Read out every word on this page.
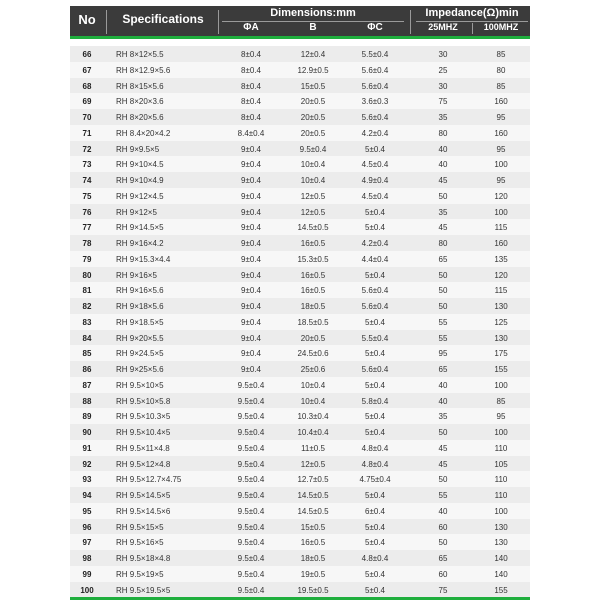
No	Specifications	Dimensions:mm	Impedance(Ω)min
ΦA	B	ΦC	25MHZ	100MHZ
66	RH 8×12×5.5	8±0.4	12±0.4	5.5±0.4	30	85
67	RH 8×12.9×5.6	8±0.4	12.9±0.5	5.6±0.4	25	80
68	RH 8×15×5.6	8±0.4	15±0.5	5.6±0.4	30	85
69	RH 8×20×3.6	8±0.4	20±0.5	3.6±0.3	75	160
70	RH 8×20×5.6	8±0.4	20±0.5	5.6±0.4	35	95
71	RH 8.4×20×4.2	8.4±0.4	20±0.5	4.2±0.4	80	160
72	RH 9×9.5×5	9±0.4	9.5±0.4	5±0.4	40	95
73	RH 9×10×4.5	9±0.4	10±0.4	4.5±0.4	40	100
74	RH 9×10×4.9	9±0.4	10±0.4	4.9±0.4	45	95
75	RH 9×12×4.5	9±0.4	12±0.5	4.5±0.4	50	120
76	RH 9×12×5	9±0.4	12±0.5	5±0.4	35	100
77	RH 9×14.5×5	9±0.4	14.5±0.5	5±0.4	45	115
78	RH 9×16×4.2	9±0.4	16±0.5	4.2±0.4	80	160
79	RH 9×15.3×4.4	9±0.4	15.3±0.5	4.4±0.4	65	135
80	RH 9×16×5	9±0.4	16±0.5	5±0.4	50	120
81	RH 9×16×5.6	9±0.4	16±0.5	5.6±0.4	50	115
82	RH 9×18×5.6	9±0.4	18±0.5	5.6±0.4	50	130
83	RH 9×18.5×5	9±0.4	18.5±0.5	5±0.4	55	125
84	RH 9×20×5.5	9±0.4	20±0.5	5.5±0.4	55	130
85	RH 9×24.5×5	9±0.4	24.5±0.6	5±0.4	95	175
86	RH 9×25×5.6	9±0.4	25±0.6	5.6±0.4	65	155
87	RH 9.5×10×5	9.5±0.4	10±0.4	5±0.4	40	100
88	RH 9.5×10×5.8	9.5±0.4	10±0.4	5.8±0.4	40	85
89	RH 9.5×10.3×5	9.5±0.4	10.3±0.4	5±0.4	35	95
90	RH 9.5×10.4×5	9.5±0.4	10.4±0.4	5±0.4	50	100
91	RH 9.5×11×4.8	9.5±0.4	11±0.5	4.8±0.4	45	110
92	RH 9.5×12×4.8	9.5±0.4	12±0.5	4.8±0.4	45	105
93	RH 9.5×12.7×4.75	9.5±0.4	12.7±0.5	4.75±0.4	50	110
94	RH 9.5×14.5×5	9.5±0.4	14.5±0.5	5±0.4	55	110
95	RH 9.5×14.5×6	9.5±0.4	14.5±0.5	6±0.4	40	100
96	RH 9.5×15×5	9.5±0.4	15±0.5	5±0.4	60	130
97	RH 9.5×16×5	9.5±0.4	16±0.5	5±0.4	50	130
98	RH 9.5×18×4.8	9.5±0.4	18±0.5	4.8±0.4	65	140
99	RH 9.5×19×5	9.5±0.4	19±0.5	5±0.4	60	140
100	RH 9.5×19.5×5	9.5±0.4	19.5±0.5	5±0.4	75	155
